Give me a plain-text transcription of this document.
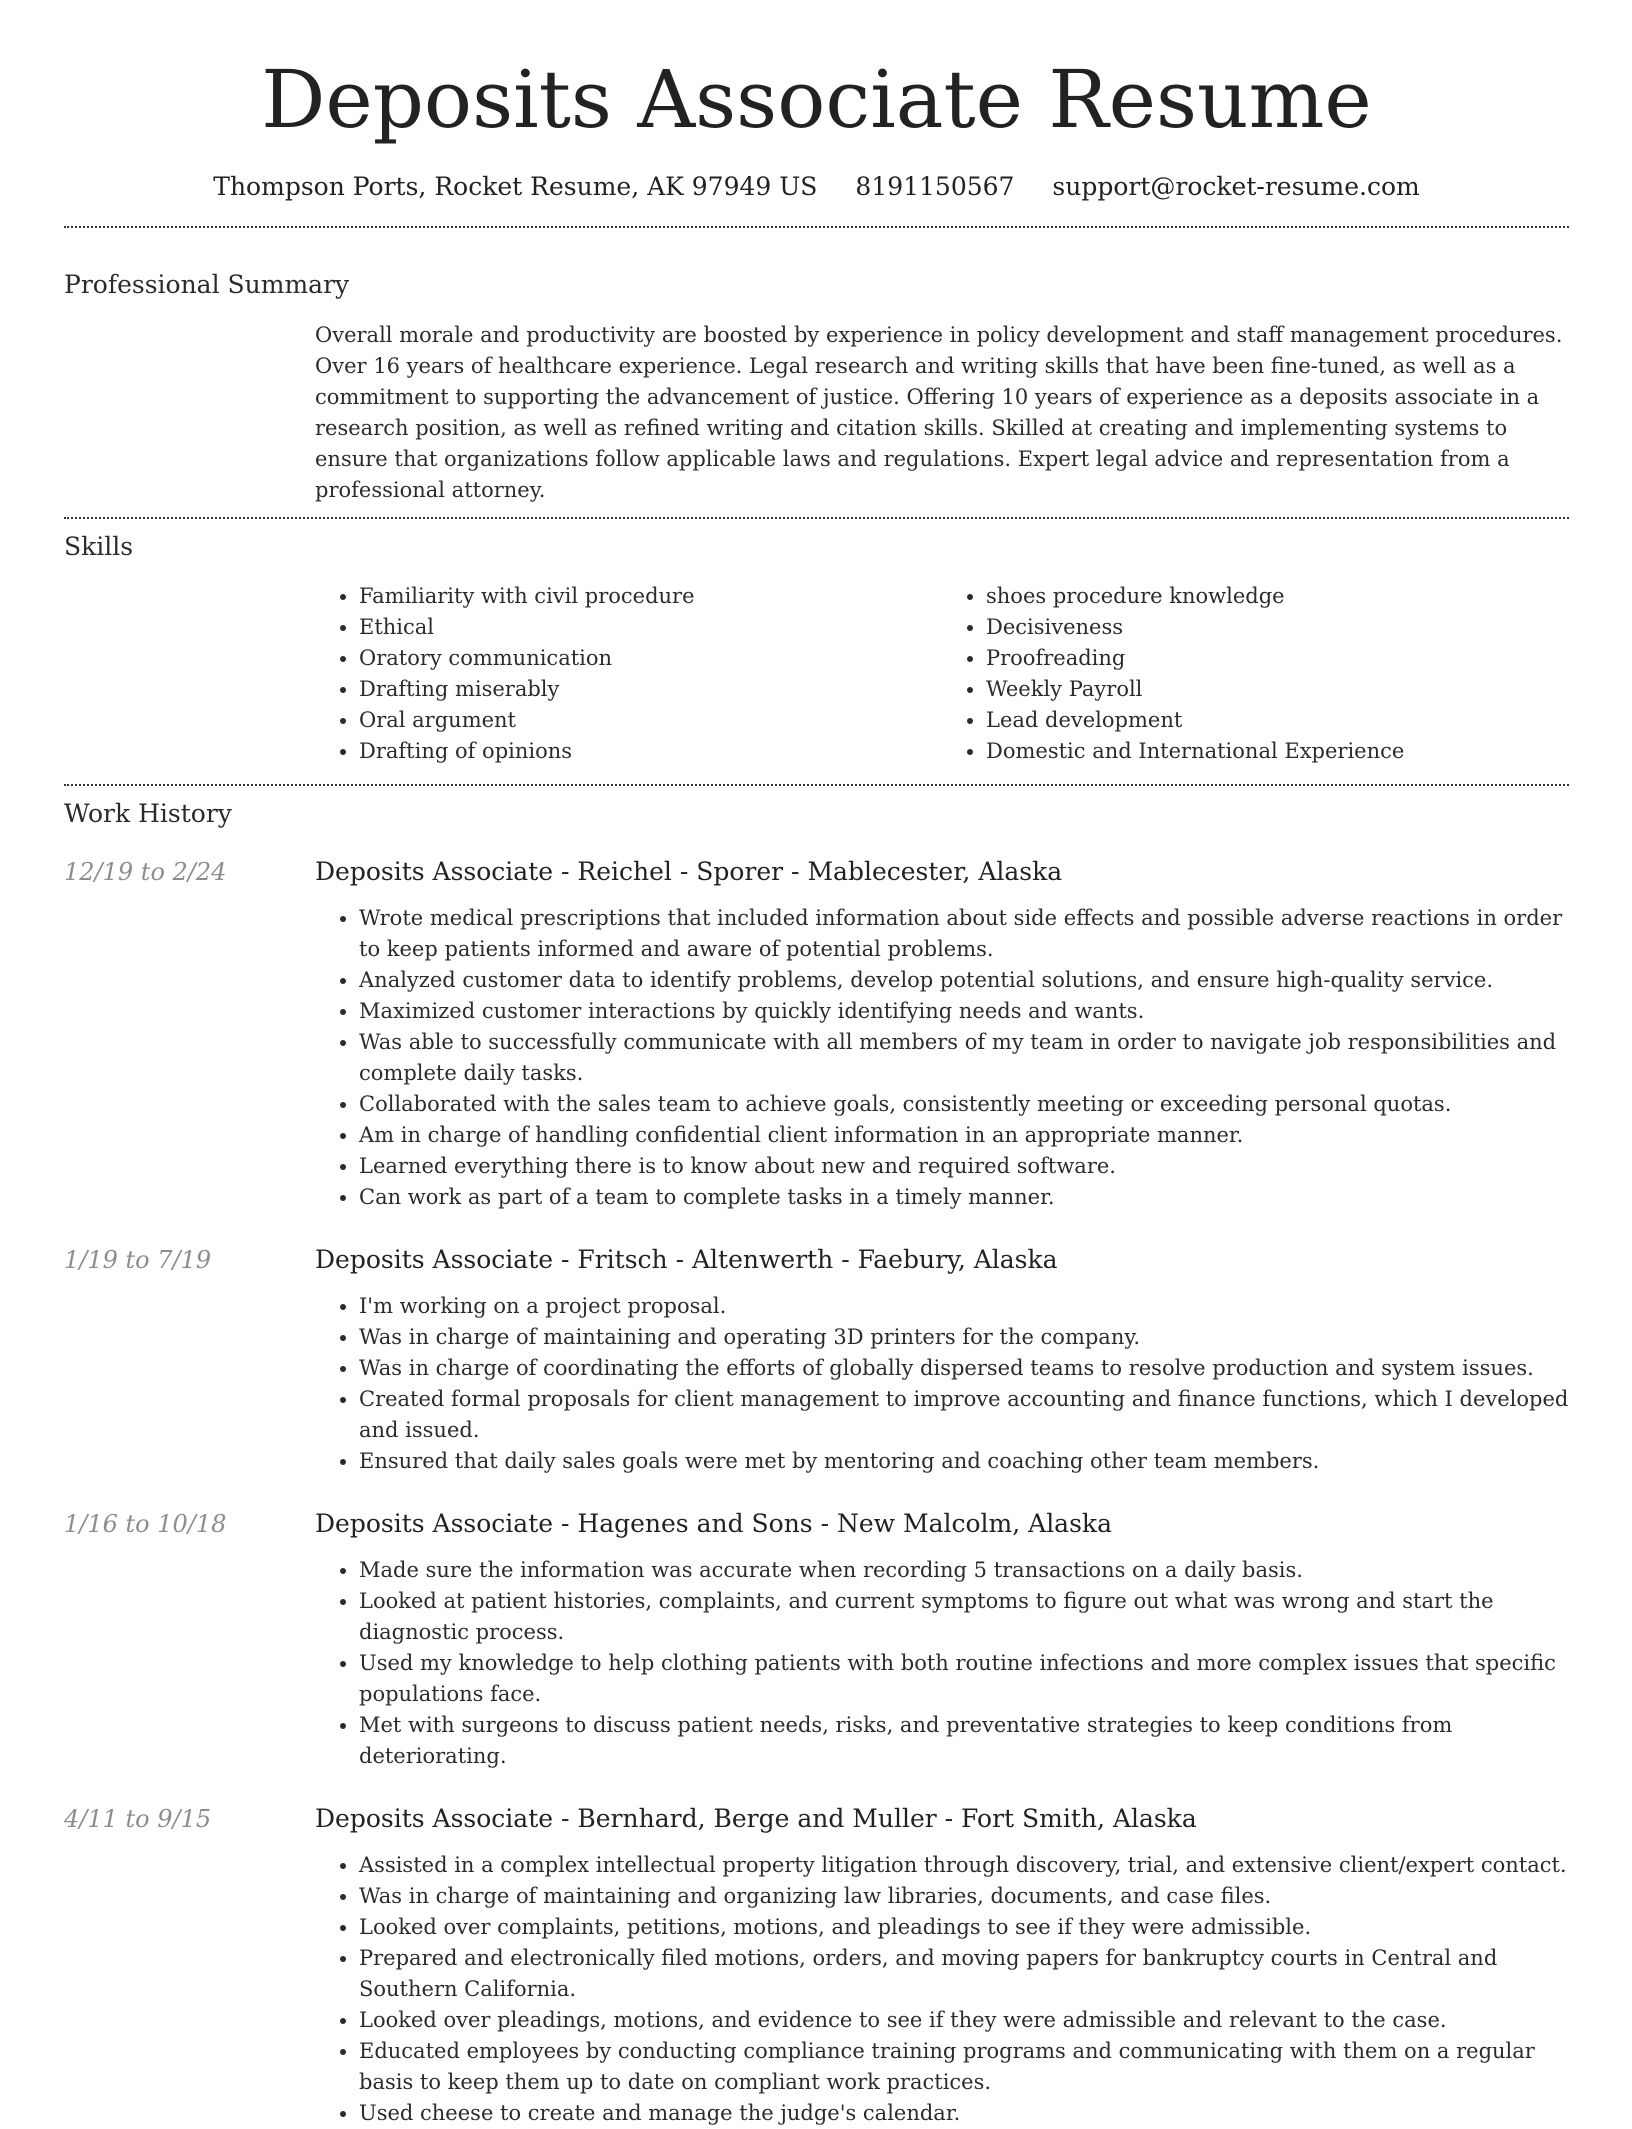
Deposits Associate Resume
Thompson Ports, Rocket Resume, AK 97949 US 8191150567 support@rocket-resume.com
Professional Summary
Overall morale and productivity are boosted by experience in policy development and staff management procedures. Over 16 years of healthcare experience. Legal research and writing skills that have been fine-tuned, as well as a commitment to supporting the advancement of justice. Offering 10 years of experience as a deposits associate in a research position, as well as refined writing and citation skills. Skilled at creating and implementing systems to ensure that organizations follow applicable laws and regulations. Expert legal advice and representation from a professional attorney.
Skills
• Familiarity with civil procedure
• Ethical
• Oratory communication
• Drafting miserably
• Oral argument
• Drafting of opinions
• shoes procedure knowledge
• Decisiveness
• Proofreading
• Weekly Payroll
• Lead development
• Domestic and International Experience
Work History
12/19 to 2/24	Deposits Associate - Reichel - Sporer - Mablecester, Alaska
• Wrote medical prescriptions that included information about side effects and possible adverse reactions in order to keep patients informed and aware of potential problems.
• Analyzed customer data to identify problems, develop potential solutions, and ensure high-quality service.
• Maximized customer interactions by quickly identifying needs and wants.
• Was able to successfully communicate with all members of my team in order to navigate job responsibilities and complete daily tasks.
• Collaborated with the sales team to achieve goals, consistently meeting or exceeding personal quotas.
• Am in charge of handling confidential client information in an appropriate manner.
• Learned everything there is to know about new and required software.
• Can work as part of a team to complete tasks in a timely manner.
1/19 to 7/19	Deposits Associate - Fritsch - Altenwerth - Faebury, Alaska
• I'm working on a project proposal.
• Was in charge of maintaining and operating 3D printers for the company.
• Was in charge of coordinating the efforts of globally dispersed teams to resolve production and system issues.
• Created formal proposals for client management to improve accounting and finance functions, which I developed and issued.
• Ensured that daily sales goals were met by mentoring and coaching other team members.
1/16 to 10/18	Deposits Associate - Hagenes and Sons - New Malcolm, Alaska
• Made sure the information was accurate when recording 5 transactions on a daily basis.
• Looked at patient histories, complaints, and current symptoms to figure out what was wrong and start the diagnostic process.
• Used my knowledge to help clothing patients with both routine infections and more complex issues that specific populations face.
• Met with surgeons to discuss patient needs, risks, and preventative strategies to keep conditions from deteriorating.
4/11 to 9/15	Deposits Associate - Bernhard, Berge and Muller - Fort Smith, Alaska
• Assisted in a complex intellectual property litigation through discovery, trial, and extensive client/expert contact.
• Was in charge of maintaining and organizing law libraries, documents, and case files.
• Looked over complaints, petitions, motions, and pleadings to see if they were admissible.
• Prepared and electronically filed motions, orders, and moving papers for bankruptcy courts in Central and Southern California.
• Looked over pleadings, motions, and evidence to see if they were admissible and relevant to the case.
• Educated employees by conducting compliance training programs and communicating with them on a regular basis to keep them up to date on compliant work practices.
• Used cheese to create and manage the judge's calendar.
